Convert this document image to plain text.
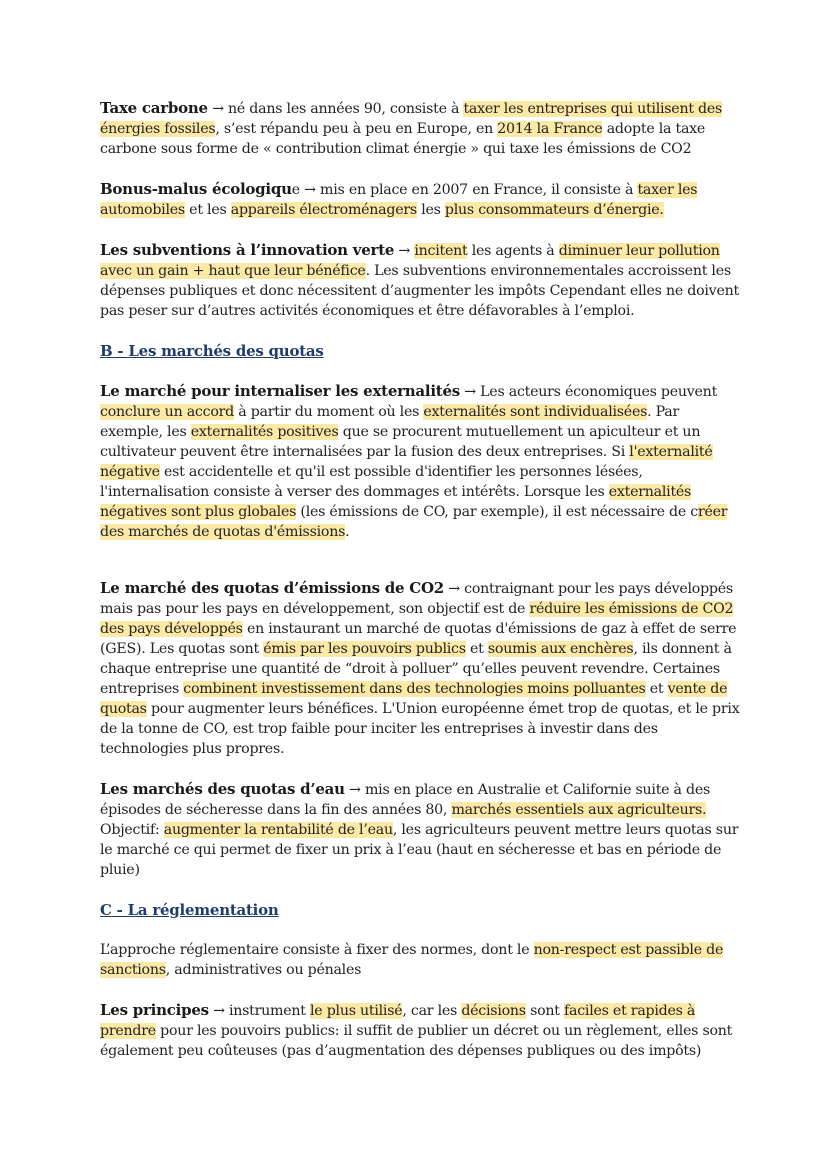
Taxe carbone → né dans les années 90, consiste à taxer les entreprises qui utilisent des énergies fossiles, s’est répandu peu à peu en Europe, en 2014 la France adopte la taxe carbone sous forme de « contribution climat énergie » qui taxe les émissions de CO2

Bonus-malus écologique → mis en place en 2007 en France, il consiste à taxer les automobiles et les appareils électroménagers les plus consommateurs d’énergie.

Les subventions à l’innovation verte → incitent les agents à diminuer leur pollution avec un gain + haut que leur bénéfice. Les subventions environnementales accroissent les dépenses publiques et donc nécessitent d’augmenter les impôts Cependant elles ne doivent pas peser sur d’autres activités économiques et être défavorables à l’emploi.

B - Les marchés des quotas

Le marché pour internaliser les externalités → Les acteurs économiques peuvent conclure un accord à partir du moment où les externalités sont individualisées. Par exemple, les externalités positives que se procurent mutuellement un apiculteur et un cultivateur peuvent être internalisées par la fusion des deux entreprises. Si l'externalité négative est accidentelle et qu'il est possible d'identifier les personnes lésées, l'internalisation consiste à verser des dommages et intérêts. Lorsque les externalités négatives sont plus globales (les émissions de CO, par exemple), il est nécessaire de créer des marchés de quotas d'émissions.

Le marché des quotas d’émissions de CO2 → contraignant pour les pays développés mais pas pour les pays en développement, son objectif est de réduire les émissions de CO2 des pays développés en instaurant un marché de quotas d'émissions de gaz à effet de serre (GES). Les quotas sont émis par les pouvoirs publics et soumis aux enchères, ils donnent à chaque entreprise une quantité de “droit à polluer” qu’elles peuvent revendre. Certaines entreprises combinent investissement dans des technologies moins polluantes et vente de quotas pour augmenter leurs bénéfices. L'Union européenne émet trop de quotas, et le prix de la tonne de CO, est trop faible pour inciter les entreprises à investir dans des technologies plus propres.

Les marchés des quotas d’eau → mis en place en Australie et Californie suite à des épisodes de sécheresse dans la fin des années 80, marchés essentiels aux agriculteurs. Objectif: augmenter la rentabilité de l’eau, les agriculteurs peuvent mettre leurs quotas sur le marché ce qui permet de fixer un prix à l’eau (haut en sécheresse et bas en période de pluie)

C - La réglementation

L’approche réglementaire consiste à fixer des normes, dont le non-respect est passible de sanctions, administratives ou pénales

Les principes → instrument le plus utilisé, car les décisions sont faciles et rapides à prendre pour les pouvoirs publics: il suffit de publier un décret ou un règlement, elles sont également peu coûteuses (pas d’augmentation des dépenses publiques ou des impôts)
